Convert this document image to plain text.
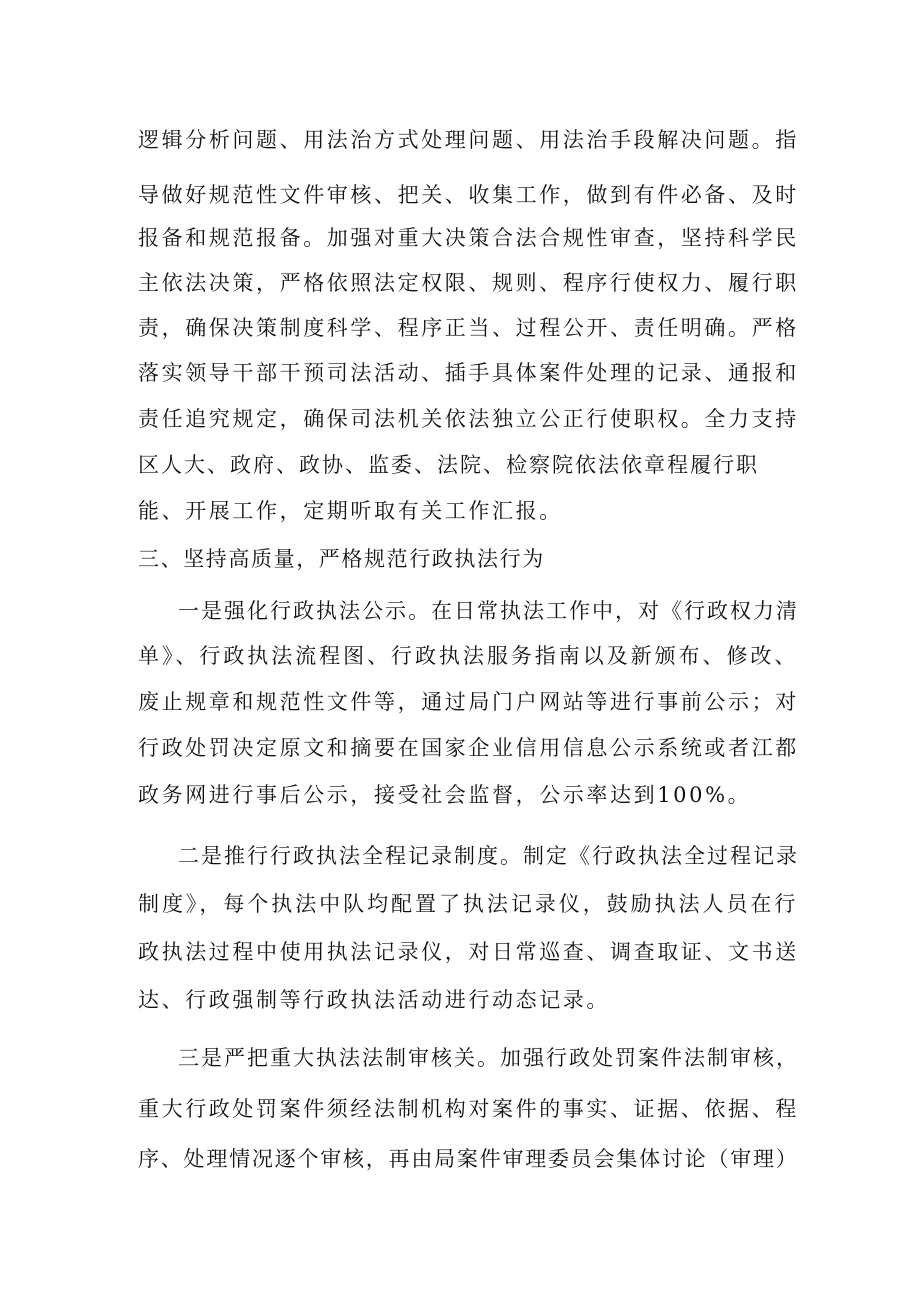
逻辑分析问题、用法治方式处理问题、用法治手段解决问题。指
导做好规范性文件审核、把关、收集工作，做到有件必备、及时
报备和规范报备。加强对重大决策合法合规性审查，坚持科学民
主依法决策，严格依照法定权限、规则、程序行使权力、履行职
责，确保决策制度科学、程序正当、过程公开、责任明确。严格
落实领导干部干预司法活动、插手具体案件处理的记录、通报和
责任追究规定，确保司法机关依法独立公正行使职权。全力支持
区人大、政府、政协、监委、法院、检察院依法依章程履行职
能、开展工作，定期听取有关工作汇报。
三、坚持高质量，严格规范行政执法行为
一是强化行政执法公示。在日常执法工作中，对《行政权力清
单》、行政执法流程图、行政执法服务指南以及新颁布、修改、
废止规章和规范性文件等，通过局门户网站等进行事前公示；对
行政处罚决定原文和摘要在国家企业信用信息公示系统或者江都
政务网进行事后公示，接受社会监督，公示率达到100%。
二是推行行政执法全程记录制度。制定《行政执法全过程记录
制度》，每个执法中队均配置了执法记录仪，鼓励执法人员在行
政执法过程中使用执法记录仪，对日常巡查、调查取证、文书送
达、行政强制等行政执法活动进行动态记录。
三是严把重大执法法制审核关。加强行政处罚案件法制审核，
重大行政处罚案件须经法制机构对案件的事实、证据、依据、程
序、处理情况逐个审核，再由局案件审理委员会集体讨论（审理）
